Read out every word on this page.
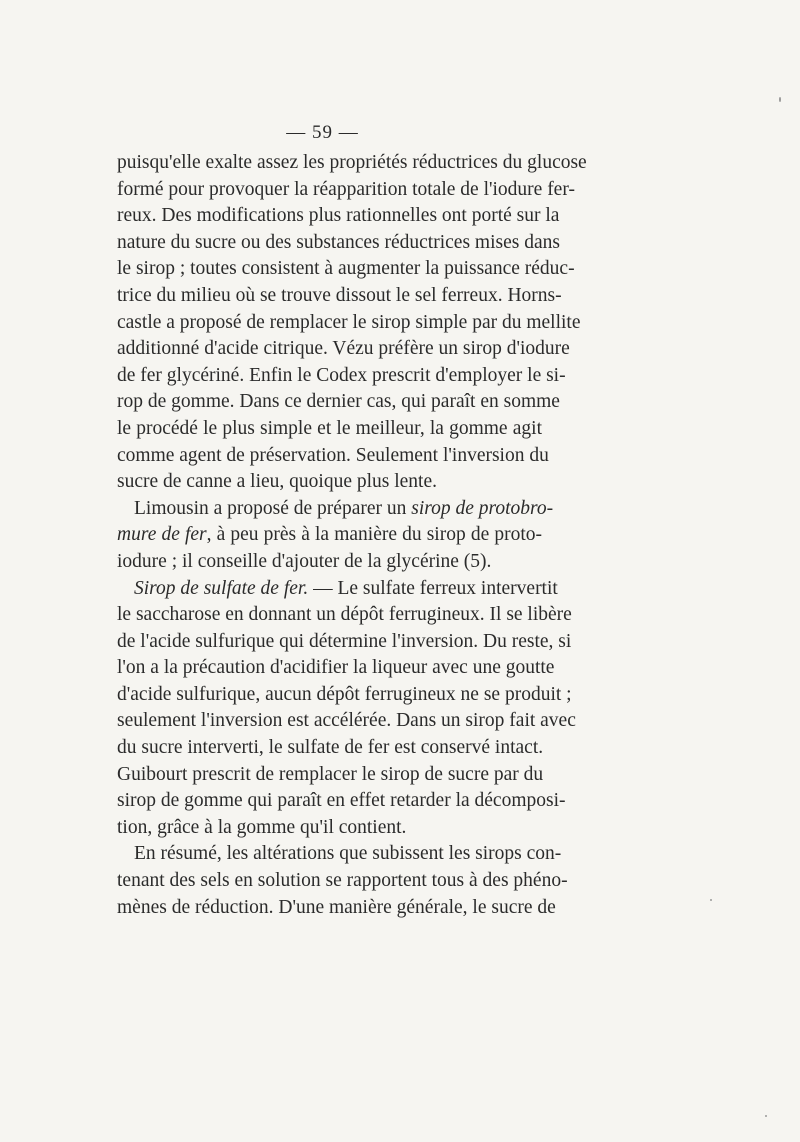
— 59 —
puisqu'elle exalte assez les propriétés réductrices du glucose
formé pour provoquer la réapparition totale de l'iodure fer-
reux. Des modifications plus rationnelles ont porté sur la
nature du sucre ou des substances réductrices mises dans
le sirop ; toutes consistent à augmenter la puissance réduc-
trice du milieu où se trouve dissout le sel ferreux. Horns-
castle a proposé de remplacer le sirop simple par du mellite
additionné d'acide citrique. Vézu préfère un sirop d'iodure
de fer glycériné. Enfin le Codex prescrit d'employer le si-
rop de gomme. Dans ce dernier cas, qui paraît en somme
le procédé le plus simple et le meilleur, la gomme agit
comme agent de préservation. Seulement l'inversion du
sucre de canne a lieu, quoique plus lente.
Limousin a proposé de préparer un sirop de protobro-
mure de fer, à peu près à la manière du sirop de proto-
iodure ; il conseille d'ajouter de la glycérine (5).
Sirop de sulfate de fer. — Le sulfate ferreux intervertit
le saccharose en donnant un dépôt ferrugineux. Il se libère
de l'acide sulfurique qui détermine l'inversion. Du reste, si
l'on a la précaution d'acidifier la liqueur avec une goutte
d'acide sulfurique, aucun dépôt ferrugineux ne se produit ;
seulement l'inversion est accélérée. Dans un sirop fait avec
du sucre interverti, le sulfate de fer est conservé intact.
Guibourt prescrit de remplacer le sirop de sucre par du
sirop de gomme qui paraît en effet retarder la décomposi-
tion, grâce à la gomme qu'il contient.
En résumé, les altérations que subissent les sirops con-
tenant des sels en solution se rapportent tous à des phéno-
mènes de réduction. D'une manière générale, le sucre de
